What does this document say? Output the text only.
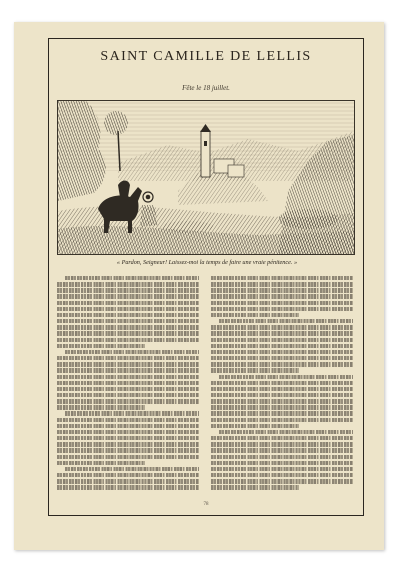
SAINT CAMILLE DE LELLIS
Fête le 18 juillet.
« Pardon, Seigneur! Laissez-moi la temps de faire une vraie pénitence. »
78
